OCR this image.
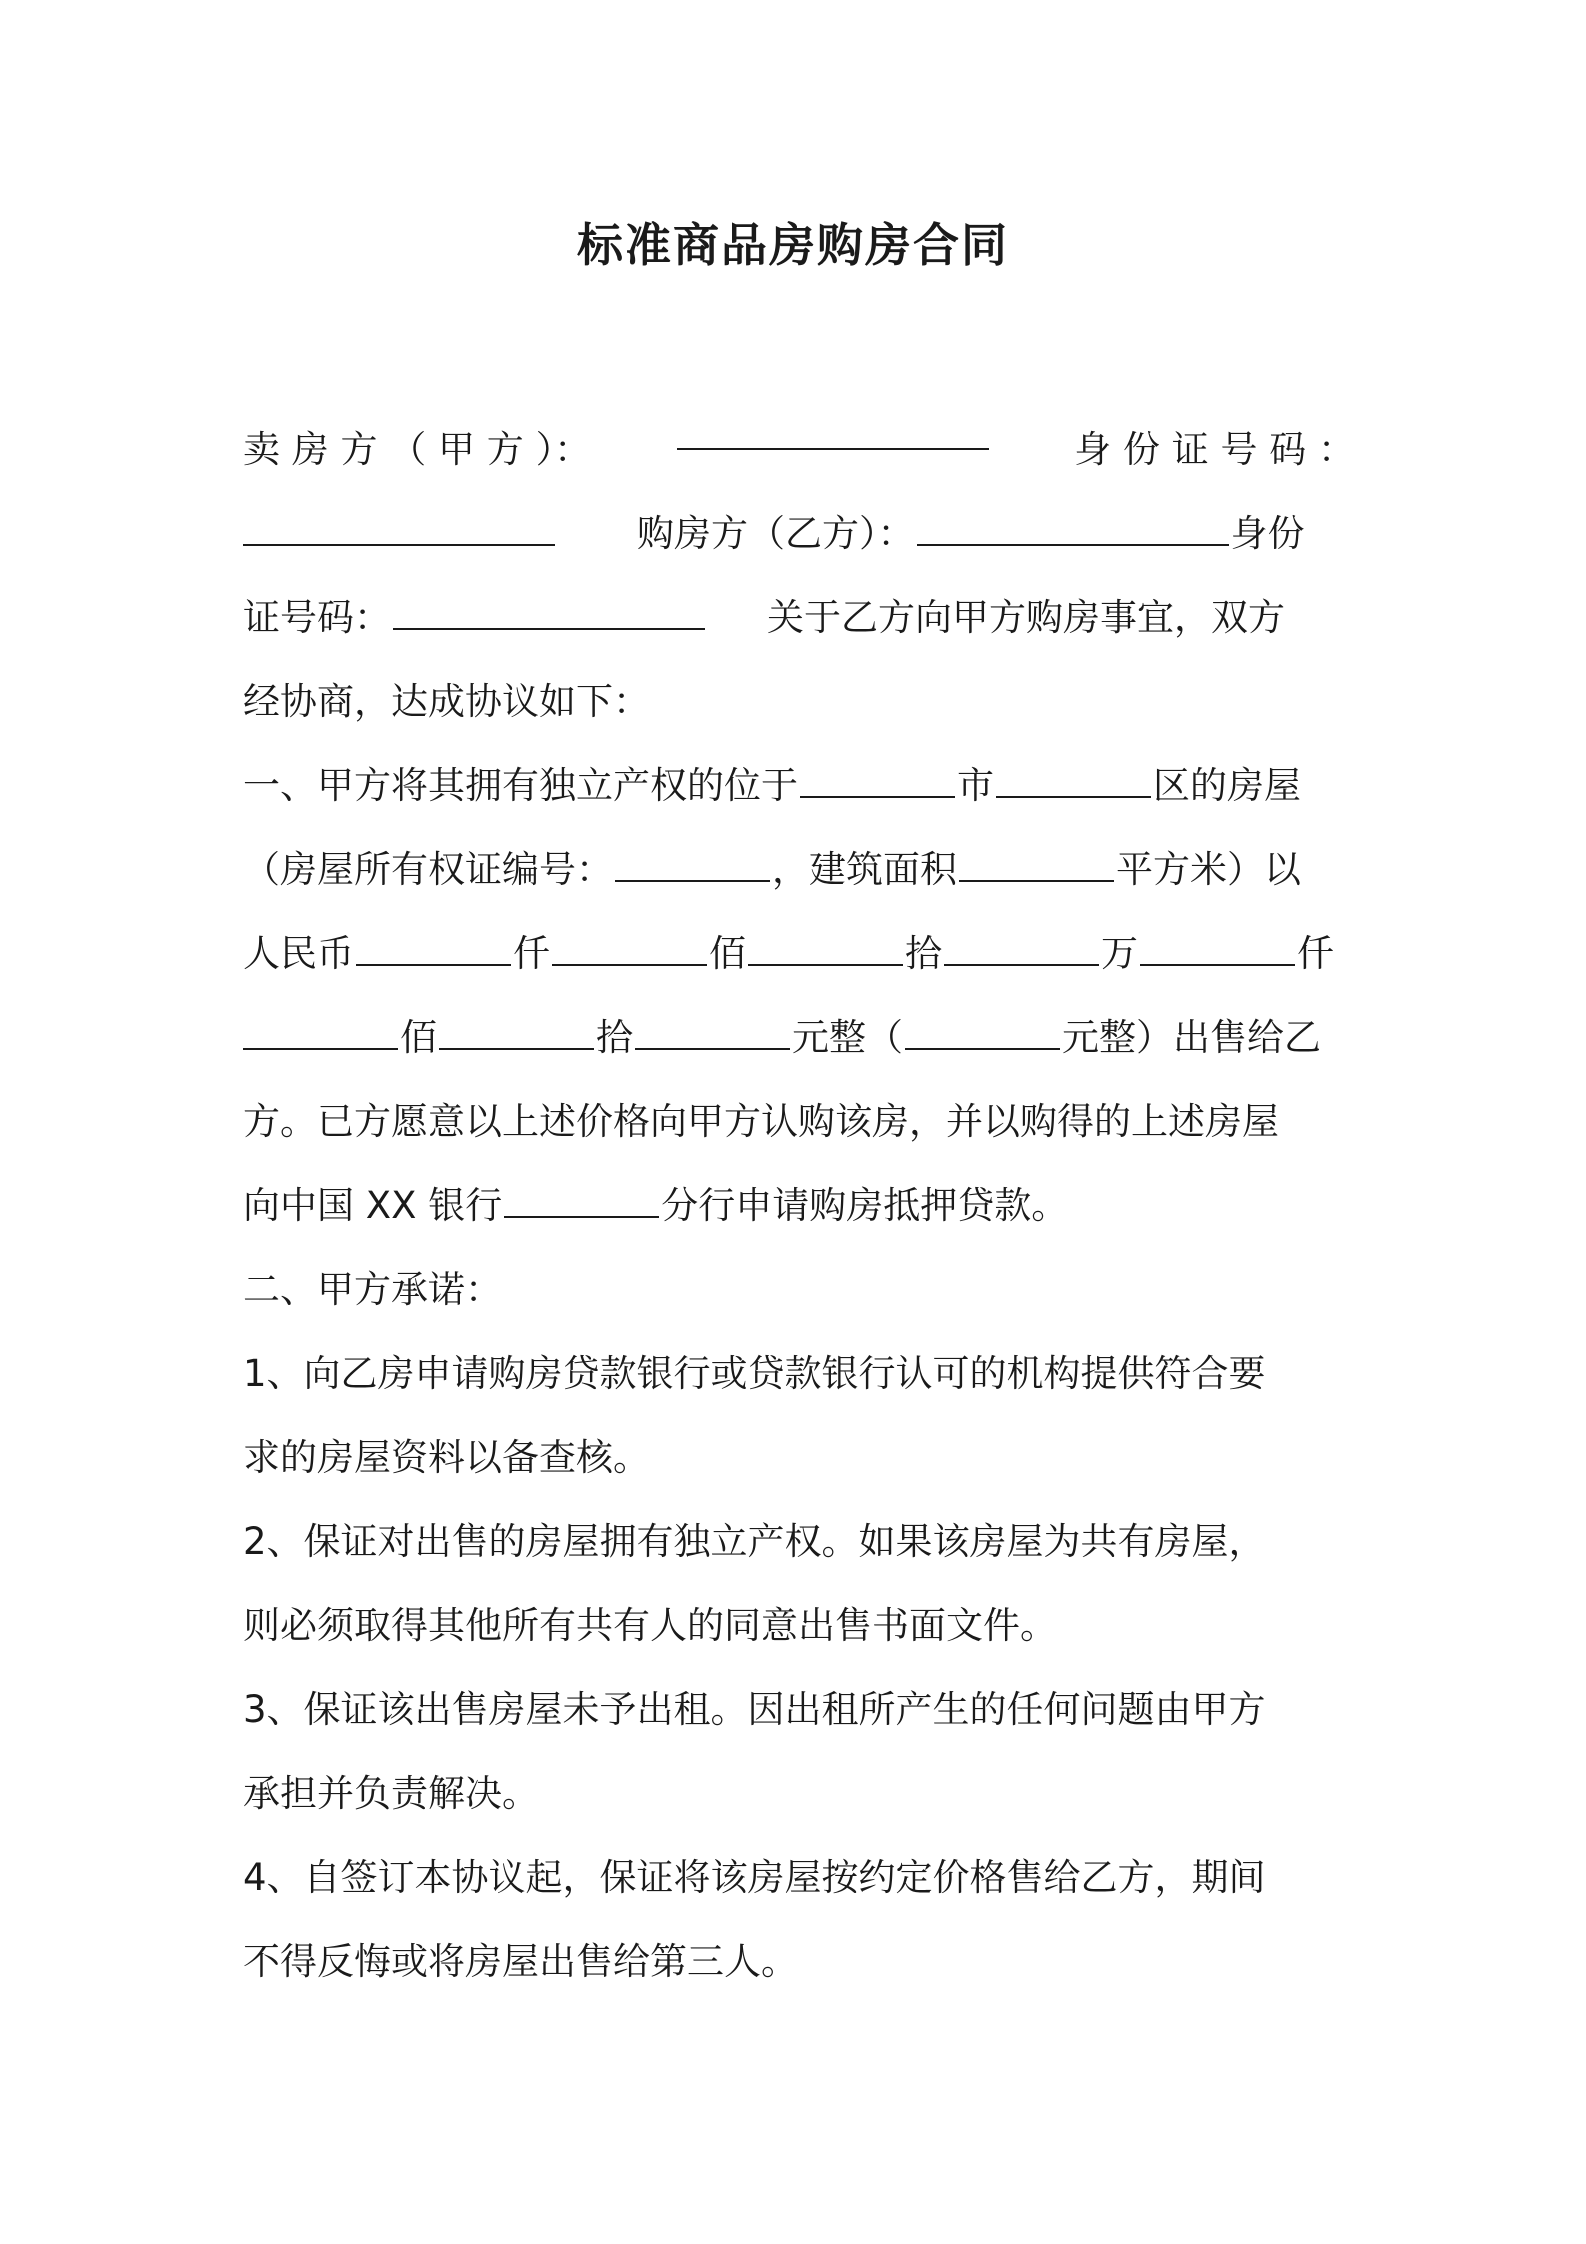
标准商品房购房合同
卖 房 方 （ 甲 方 ）：	身 份 证 号 码 ：
购房方（乙方）：	身份
证号码：	关于乙方向甲方购房事宜，双方
经协商，达成协议如下：
一、甲方将其拥有独立产权的位于	市	区的房屋
（房屋所有权证编号：	，建筑面积	平方米）以
人民币	仟	佰	拾	万	仟
佰	拾	元整（	元整）出售给乙
方。已方愿意以上述价格向甲方认购该房，并以购得的上述房屋
向中国 XX 银行	分行申请购房抵押贷款。
二、甲方承诺：
1、向乙房申请购房贷款银行或贷款银行认可的机构提供符合要
求的房屋资料以备查核。
2、保证对出售的房屋拥有独立产权。如果该房屋为共有房屋，
则必须取得其他所有共有人的同意出售书面文件。
3、保证该出售房屋未予出租。因出租所产生的任何问题由甲方
承担并负责解决。
4、自签订本协议起，保证将该房屋按约定价格售给乙方，期间
不得反悔或将房屋出售给第三人。
